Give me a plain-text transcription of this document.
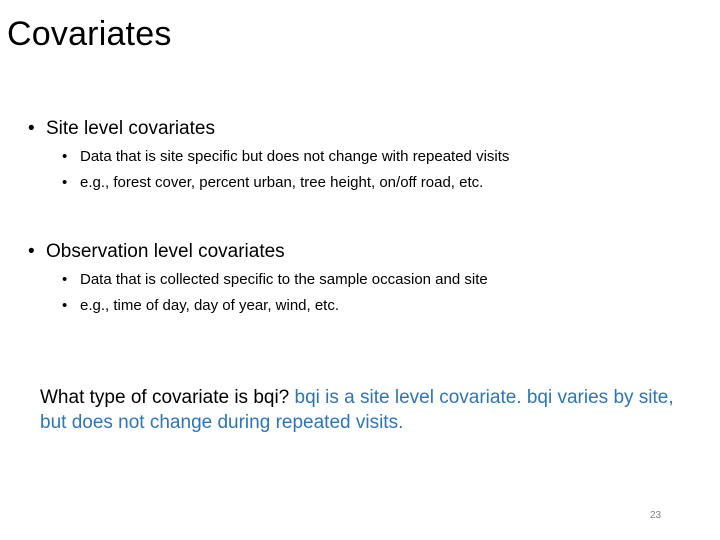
Covariates
• Site level covariates
• Data that is site specific but does not change with repeated visits
• e.g., forest cover, percent urban, tree height, on/off road, etc.
• Observation level covariates
• Data that is collected specific to the sample occasion and site
• e.g., time of day, day of year, wind, etc.
What type of covariate is bqi? bqi is a site level covariate. bqi varies by site, but does not change during repeated visits.
23
